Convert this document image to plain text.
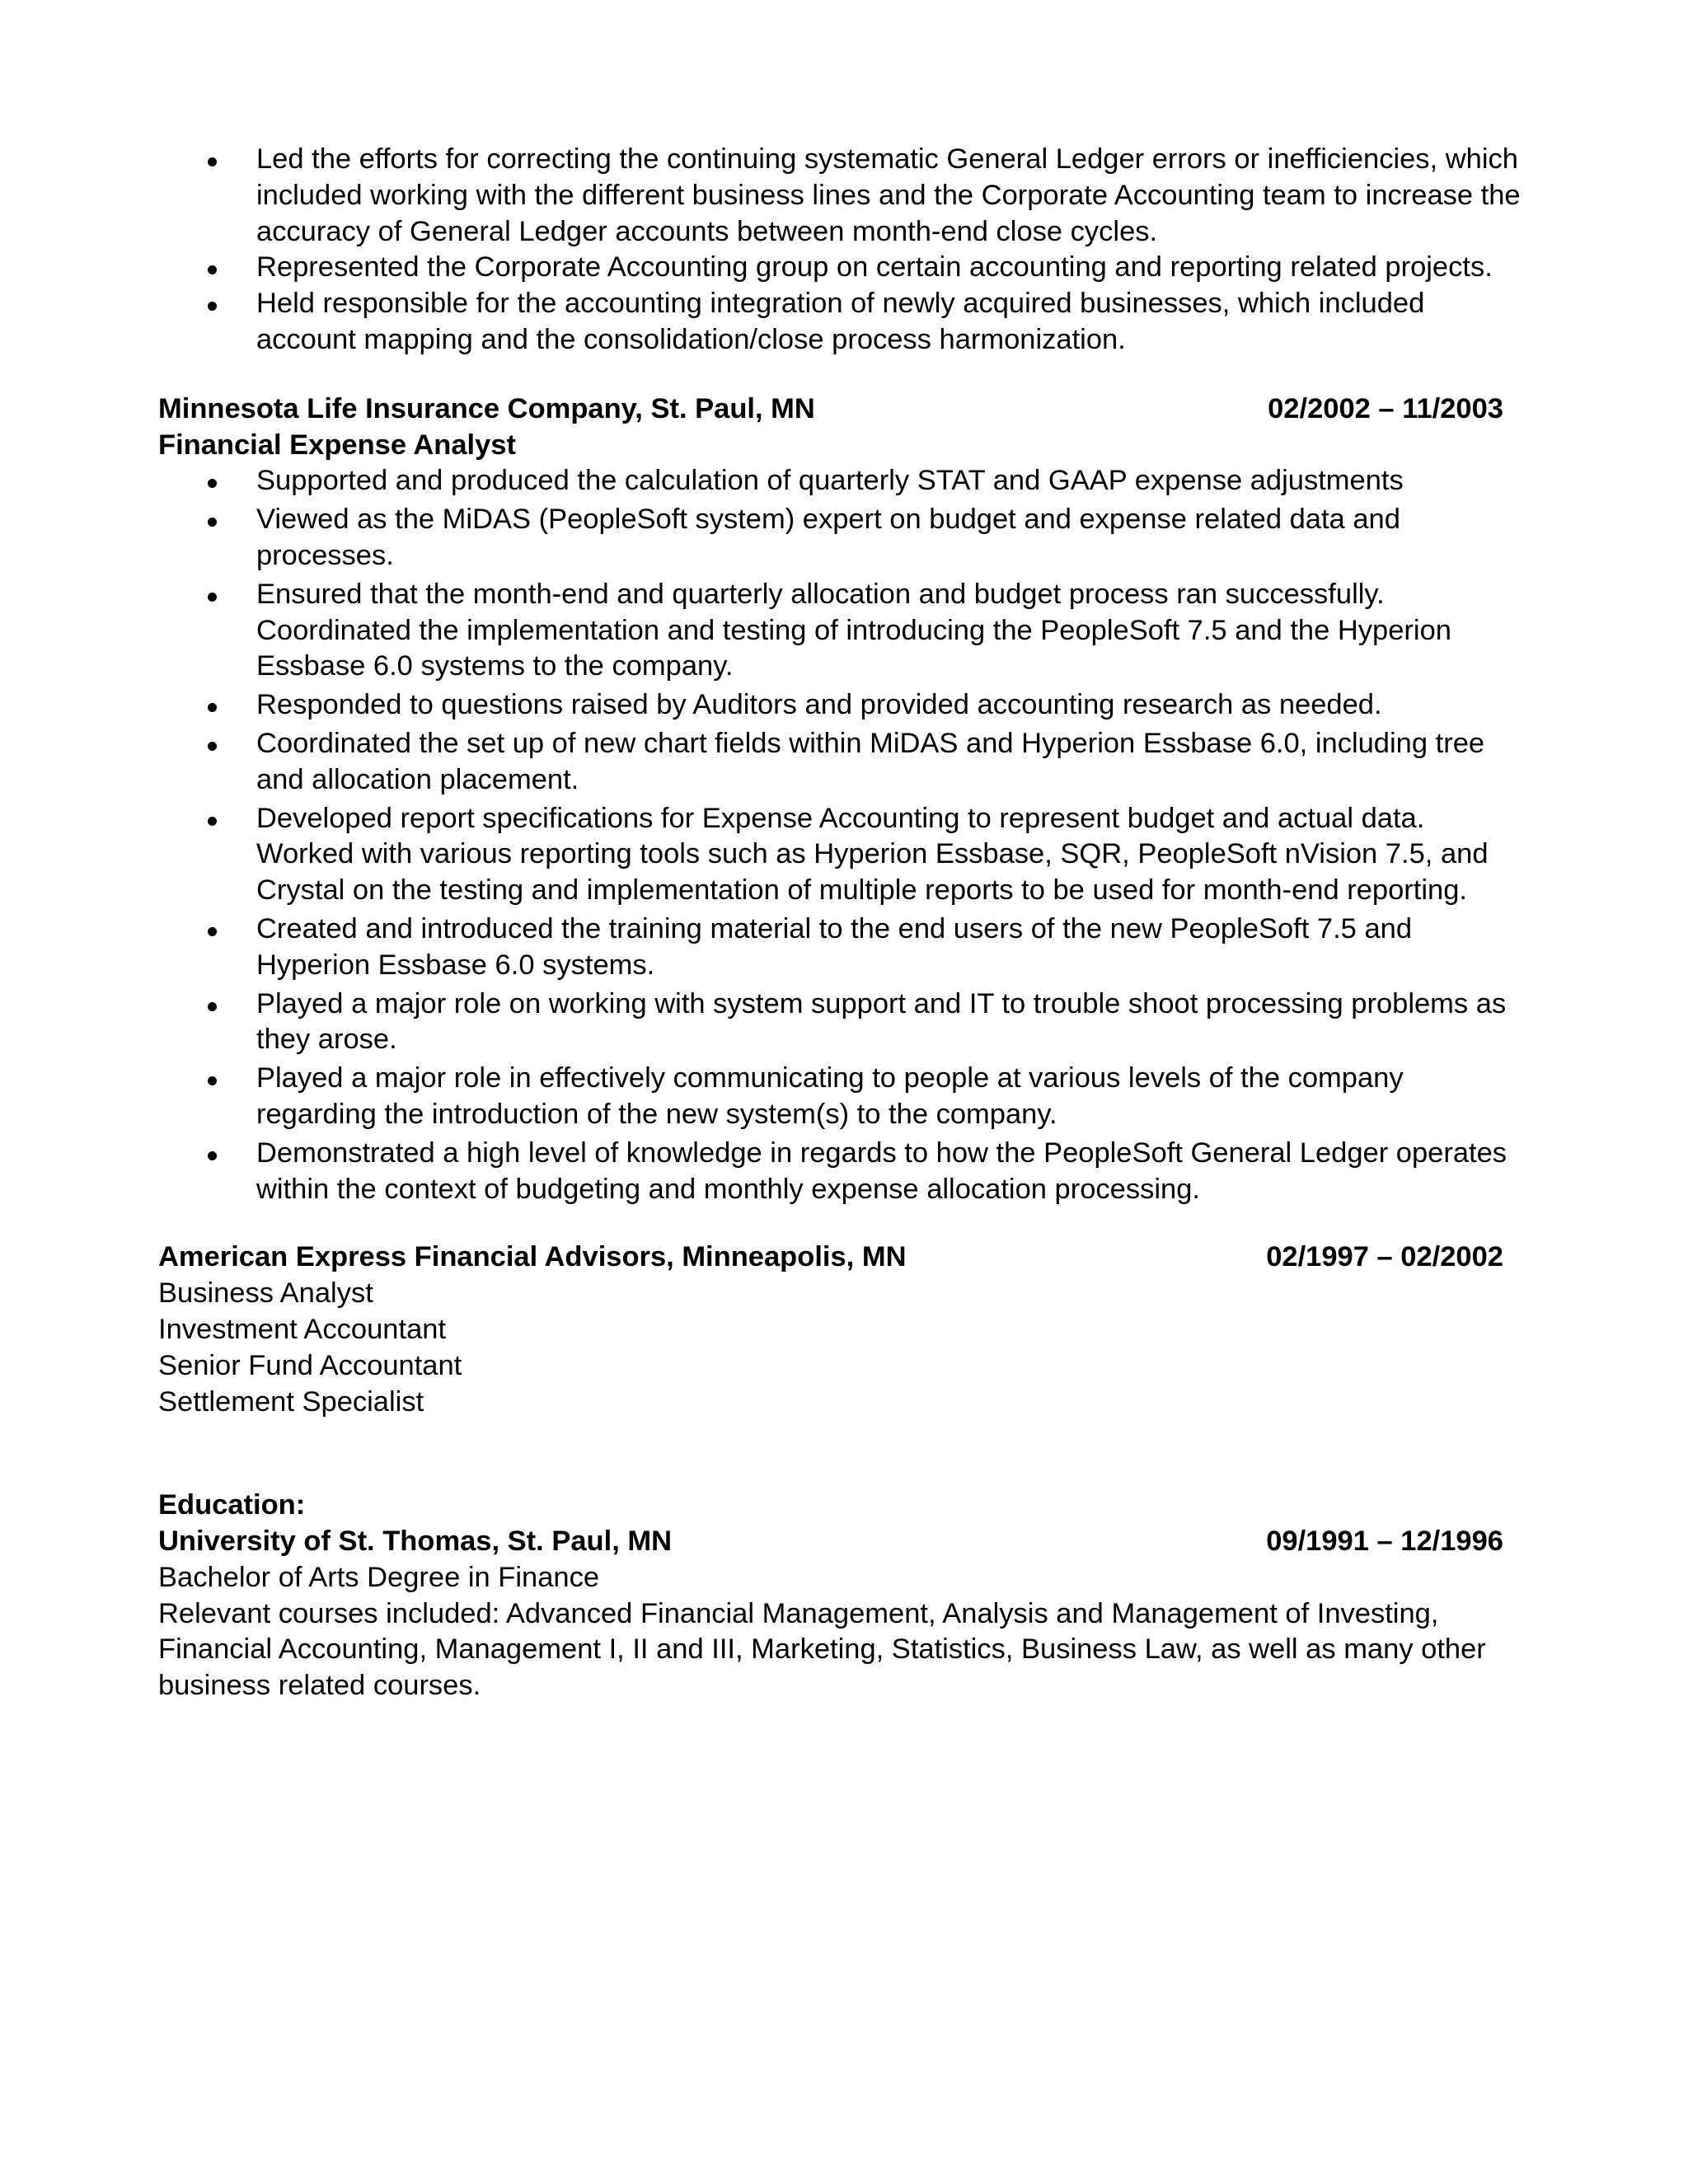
Led the efforts for correcting the continuing systematic General Ledger errors or inefficiencies, which included working with the different business lines and the Corporate Accounting team to increase the accuracy of General Ledger accounts between month-end close cycles.
Represented the Corporate Accounting group on certain accounting and reporting related projects.
Held responsible for the accounting integration of newly acquired businesses, which included account mapping and the consolidation/close process harmonization.
Minnesota Life Insurance Company, St. Paul, MN	02/2002 – 11/2003
Financial Expense Analyst
Supported and produced the calculation of quarterly STAT and GAAP expense adjustments
Viewed as the MiDAS (PeopleSoft system) expert on budget and expense related data and processes.
Ensured that the month-end and quarterly allocation and budget process ran successfully. Coordinated the implementation and testing of introducing the PeopleSoft 7.5 and the Hyperion Essbase 6.0 systems to the company.
Responded to questions raised by Auditors and provided accounting research as needed.
Coordinated the set up of new chart fields within MiDAS and Hyperion Essbase 6.0, including tree and allocation placement.
Developed report specifications for Expense Accounting to represent budget and actual data. Worked with various reporting tools such as Hyperion Essbase, SQR, PeopleSoft nVision 7.5, and Crystal on the testing and implementation of multiple reports to be used for month-end reporting.
Created and introduced the training material to the end users of the new PeopleSoft 7.5 and Hyperion Essbase 6.0 systems.
Played a major role on working with system support and IT to trouble shoot processing problems as they arose.
Played a major role in effectively communicating to people at various levels of the company regarding the introduction of the new system(s) to the company.
Demonstrated a high level of knowledge in regards to how the PeopleSoft General Ledger operates within the context of budgeting and monthly expense allocation processing.
American Express Financial Advisors, Minneapolis, MN	02/1997 – 02/2002
Business Analyst
Investment Accountant
Senior Fund Accountant
Settlement Specialist
Education:
University of St. Thomas, St. Paul, MN	09/1991 – 12/1996
Bachelor of Arts Degree in Finance
Relevant courses included: Advanced Financial Management, Analysis and Management of Investing, Financial Accounting, Management I, II and III, Marketing, Statistics, Business Law, as well as many other business related courses.
